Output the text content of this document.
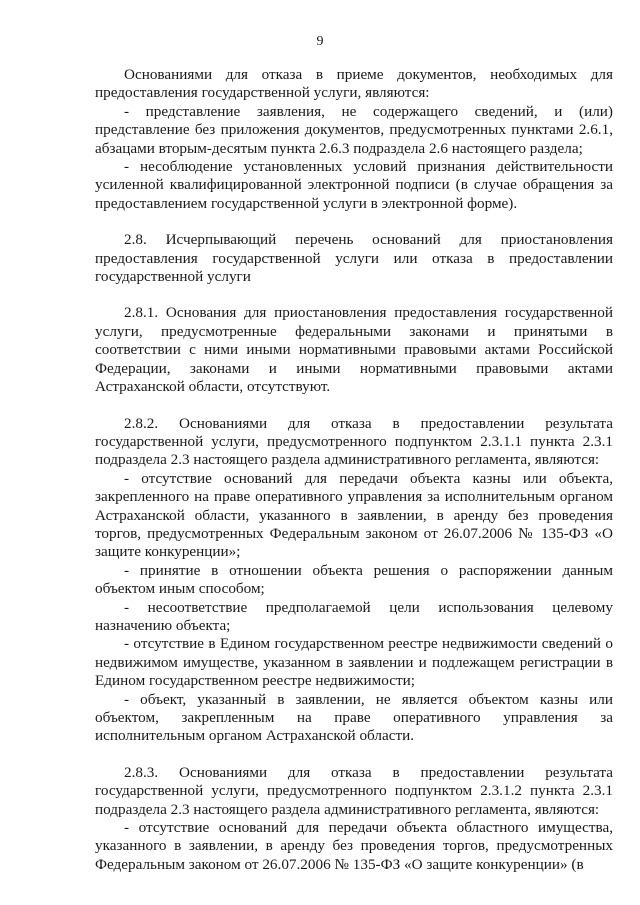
9

Основаниями для отказа в приеме документов, необходимых для предоставления государственной услуги, являются:

- представление заявления, не содержащего сведений, и (или) представление без приложения документов, предусмотренных пунктами 2.6.1, абзацами вторым-десятым пункта 2.6.3 подраздела 2.6 настоящего раздела;

- несоблюдение установленных условий признания действительности усиленной квалифицированной электронной подписи (в случае обращения за предоставлением государственной услуги в электронной форме).

2.8. Исчерпывающий перечень оснований для приостановления предоставления государственной услуги или отказа в предоставлении государственной услуги

2.8.1. Основания для приостановления предоставления государственной услуги, предусмотренные федеральными законами и принятыми в соответствии с ними иными нормативными правовыми актами Российской Федерации, законами и иными нормативными правовыми актами Астраханской области, отсутствуют.

2.8.2. Основаниями для отказа в предоставлении результата государственной услуги, предусмотренного подпунктом 2.3.1.1 пункта 2.3.1 подраздела 2.3 настоящего раздела административного регламента, являются:

- отсутствие оснований для передачи объекта казны или объекта, закрепленного на праве оперативного управления за исполнительным органом Астраханской области, указанного в заявлении, в аренду без проведения торгов, предусмотренных Федеральным законом от 26.07.2006 № 135-ФЗ «О защите конкуренции»;

- принятие в отношении объекта решения о распоряжении данным объектом иным способом;

- несоответствие предполагаемой цели использования целевому назначению объекта;

- отсутствие в Едином государственном реестре недвижимости сведений о недвижимом имуществе, указанном в заявлении и подлежащем регистрации в Едином государственном реестре недвижимости;

- объект, указанный в заявлении, не является объектом казны или объектом, закрепленным на праве оперативного управления за исполнительным органом Астраханской области.

2.8.3. Основаниями для отказа в предоставлении результата государственной услуги, предусмотренного подпунктом 2.3.1.2 пункта 2.3.1 подраздела 2.3 настоящего раздела административного регламента, являются:

- отсутствие оснований для передачи объекта областного имущества, указанного в заявлении, в аренду без проведения торгов, предусмотренных Федеральным законом от 26.07.2006 № 135-ФЗ «О защите конкуренции» (в
